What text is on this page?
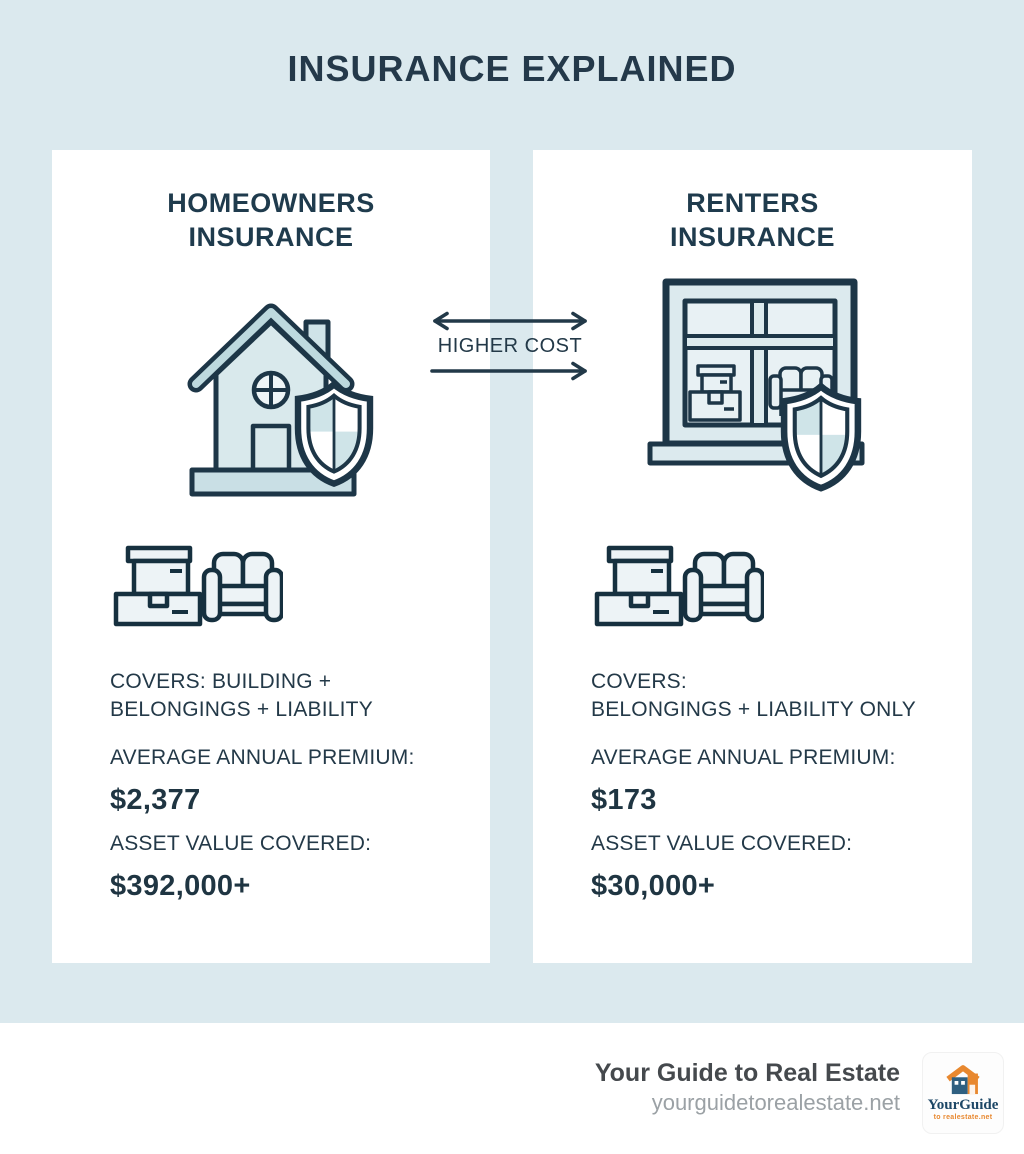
INSURANCE EXPLAINED
HOMEOWNERS
INSURANCE

COVERS: BUILDING +
BELONGINGS + LIABILITY

AVERAGE ANNUAL PREMIUM:

$2,377

ASSET VALUE COVERED:

$392,000+

RENTERS
INSURANCE

COVERS:
BELONGINGS + LIABILITY ONLY

AVERAGE ANNUAL PREMIUM:

$173

ASSET VALUE COVERED:

$30,000+

HIGHER COST
Your Guide to Real Estate
yourguidetorealestate.net YourGuide
to realestate.net
